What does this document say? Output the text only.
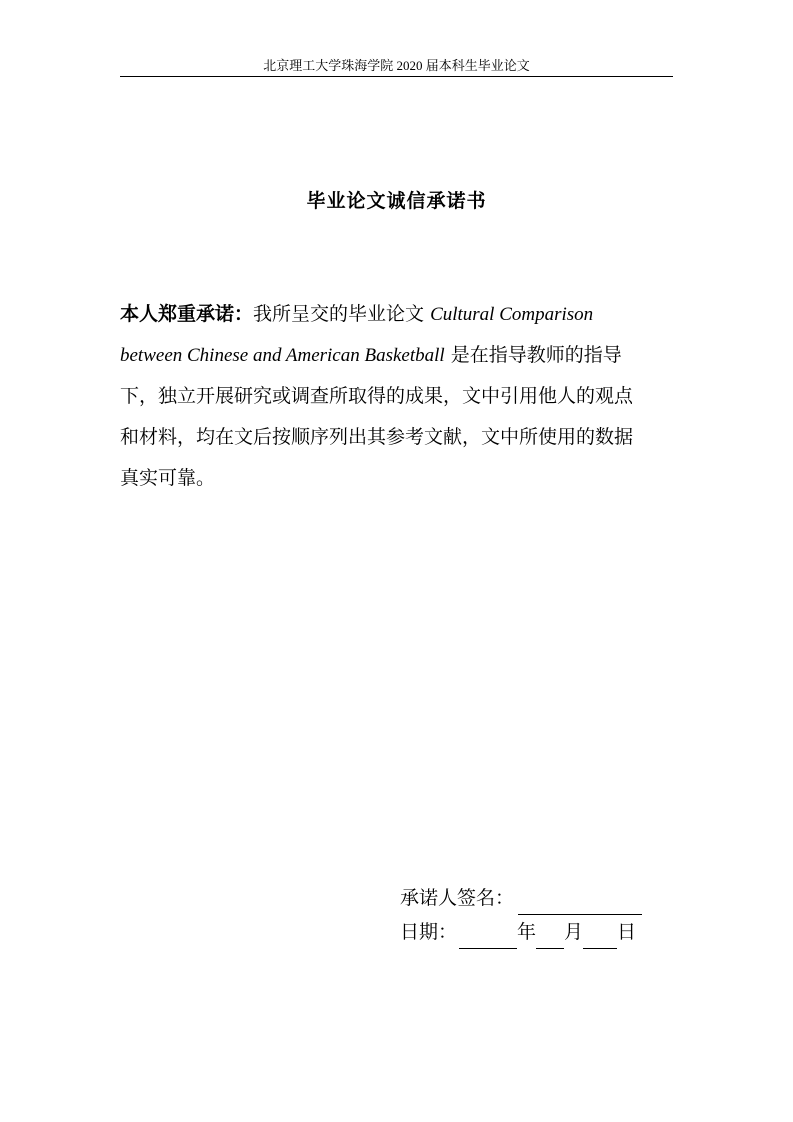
北京理工大学珠海学院 2020 届本科生毕业论文
毕业论文诚信承诺书

本人郑重承诺：我所呈交的毕业论文 Cultural Comparison between Chinese and American Basketball 是在指导教师的指导下，独立开展研究或调查所取得的成果，文中引用他人的观点和材料，均在文后按顺序列出其参考文献，文中所使用的数据真实可靠。

承诺人签名：
日期：	年 月 日
